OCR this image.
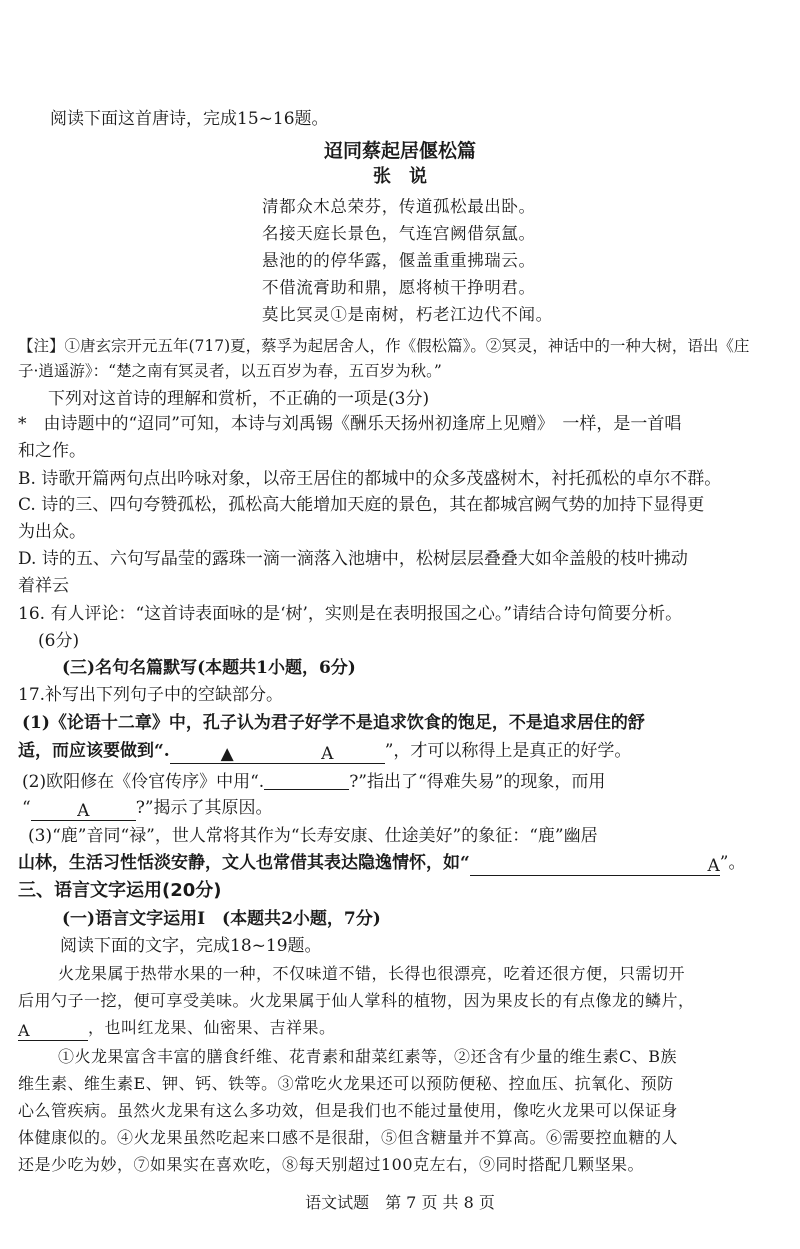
阅读下面这首唐诗，完成15~16题。
迢同蔡起居偃松篇
张　说
清都众木总荣芬，传道孤松最出卧。
名接天庭长景色，气连宫阙借氛氲。
悬池的的停华露，偃盖重重拂瑞云。
不借流膏助和鼎，愿将桢干挣明君。
莫比冥灵①是南树，朽老江边代不闻。
【注】①唐玄宗开元五年(717)夏，蔡孚为起居舍人，作《假松篇》。②冥灵，神话中的一种大树，语出《庄
子·逍遥游》：“楚之南有冥灵者，以五百岁为春，五百岁为秋。”
下列对这首诗的理解和赏析，不正确的一项是(3分)
*　由诗题中的“迢同”可知，本诗与刘禹锡《酬乐天扬州初逢席上见赠》　一样，是一首唱
和之作。
B. 诗歌开篇两句点出吟咏对象，以帝王居住的都城中的众多茂盛树木，衬托孤松的卓尔不群。
C. 诗的三、四句夸赞孤松，孤松高大能增加天庭的景色，其在都城宫阙气势的加持下显得更
为出众。
D. 诗的五、六句写晶莹的露珠一滴一滴落入池塘中，松树层层叠叠大如伞盖般的枝叶拂动
着祥云
16. 有人评论：“这首诗表面咏的是‘树’，实则是在表明报国之心。”请结合诗句简要分析。
(6分)
(三)名句名篇默写(本题共1小题，6分)
17.补写出下列句子中的空缺部分。
(1)《论语十二章》中，孔子认为君子好学不是追求饮食的饱足，不是追求居住的舒
适，而应该要做到“.	▲	A	”，才可以称得上是真正的好学。
(2)欧阳修在《伶官传序》中用“.	?”指出了“得难失易”的现象，而用
“	A	?”揭示了其原因。
(3)“鹿”音同“禄”，世人常将其作为“长寿安康、仕途美好”的象征：“鹿”幽居
山林，生活习性恬淡安静，文人也常借其表达隐逸情怀，如“	A”。
三、语言文字运用(20分)
(一)语言文字运用Ⅰ　(本题共2小题，7分)
阅读下面的文字，完成18~19题。
火龙果属于热带水果的一种，不仅味道不错，长得也很漂亮，吃着还很方便，只需切开
后用勺子一挖，便可享受美味。火龙果属于仙人掌科的植物，因为果皮长的有点像龙的鳞片，
A	，也叫红龙果、仙密果、吉祥果。
①火龙果富含丰富的膳食纤维、花青素和甜菜红素等，②还含有少量的维生素C、B族
维生素、维生素E、钾、钙、铁等。③常吃火龙果还可以预防便秘、控血压、抗氧化、预防
心么管疾病。虽然火龙果有这么多功效，但是我们也不能过量使用，像吃火龙果可以保证身
体健康似的。④火龙果虽然吃起来口感不是很甜，⑤但含糖量并不算高。⑥需要控血糖的人
还是少吃为妙，⑦如果实在喜欢吃，⑧每天别超过100克左右，⑨同时搭配几颗坚果。
语文试题　第 7 页 共 8 页
